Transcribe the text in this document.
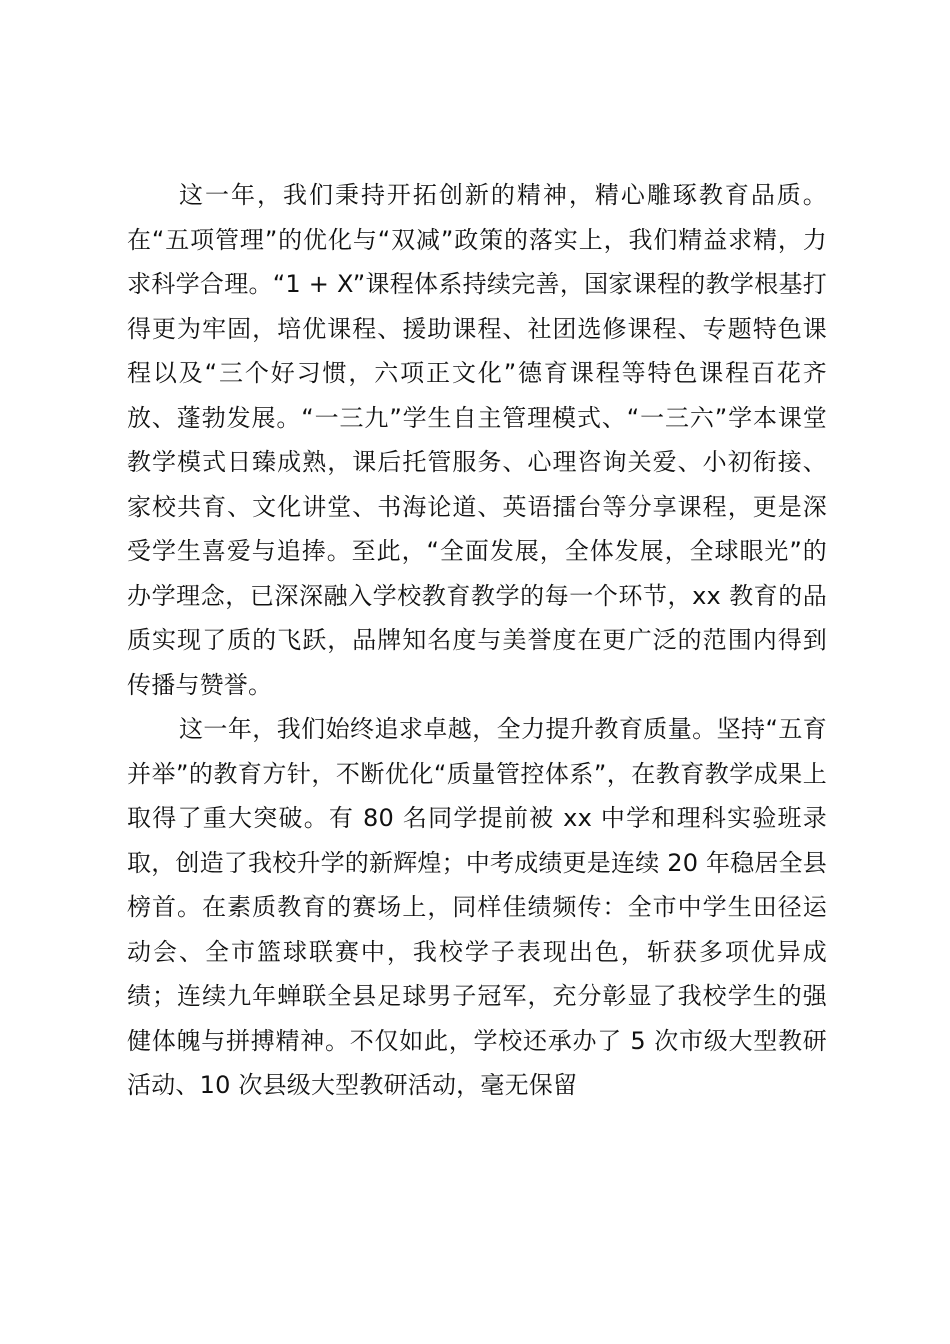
这一年，我们秉持开拓创新的精神，精心雕琢教育品质。在“五项管理”的优化与“双减”政策的落实上，我们精益求精，力求科学合理。“1 + X”课程体系持续完善，国家课程的教学根基打得更为牢固，培优课程、援助课程、社团选修课程、专题特色课程以及“三个好习惯，六项正文化”德育课程等特色课程百花齐放、蓬勃发展。“一三九”学生自主管理模式、“一三六”学本课堂教学模式日臻成熟，课后托管服务、心理咨询关爱、小初衔接、家校共育、文化讲堂、书海论道、英语擂台等分享课程，更是深受学生喜爱与追捧。至此，“全面发展，全体发展，全球眼光”的办学理念，已深深融入学校教育教学的每一个环节，xx 教育的品质实现了质的飞跃，品牌知名度与美誉度在更广泛的范围内得到传播与赞誉。

这一年，我们始终追求卓越，全力提升教育质量。坚持“五育并举”的教育方针，不断优化“质量管控体系”，在教育教学成果上取得了重大突破。有 80 名同学提前被 xx 中学和理科实验班录取，创造了我校升学的新辉煌；中考成绩更是连续 20 年稳居全县榜首。在素质教育的赛场上，同样佳绩频传：全市中学生田径运动会、全市篮球联赛中，我校学子表现出色，斩获多项优异成绩；连续九年蝉联全县足球男子冠军，充分彰显了我校学生的强健体魄与拼搏精神。不仅如此，学校还承办了 5 次市级大型教研活动、10 次县级大型教研活动，毫无保留
